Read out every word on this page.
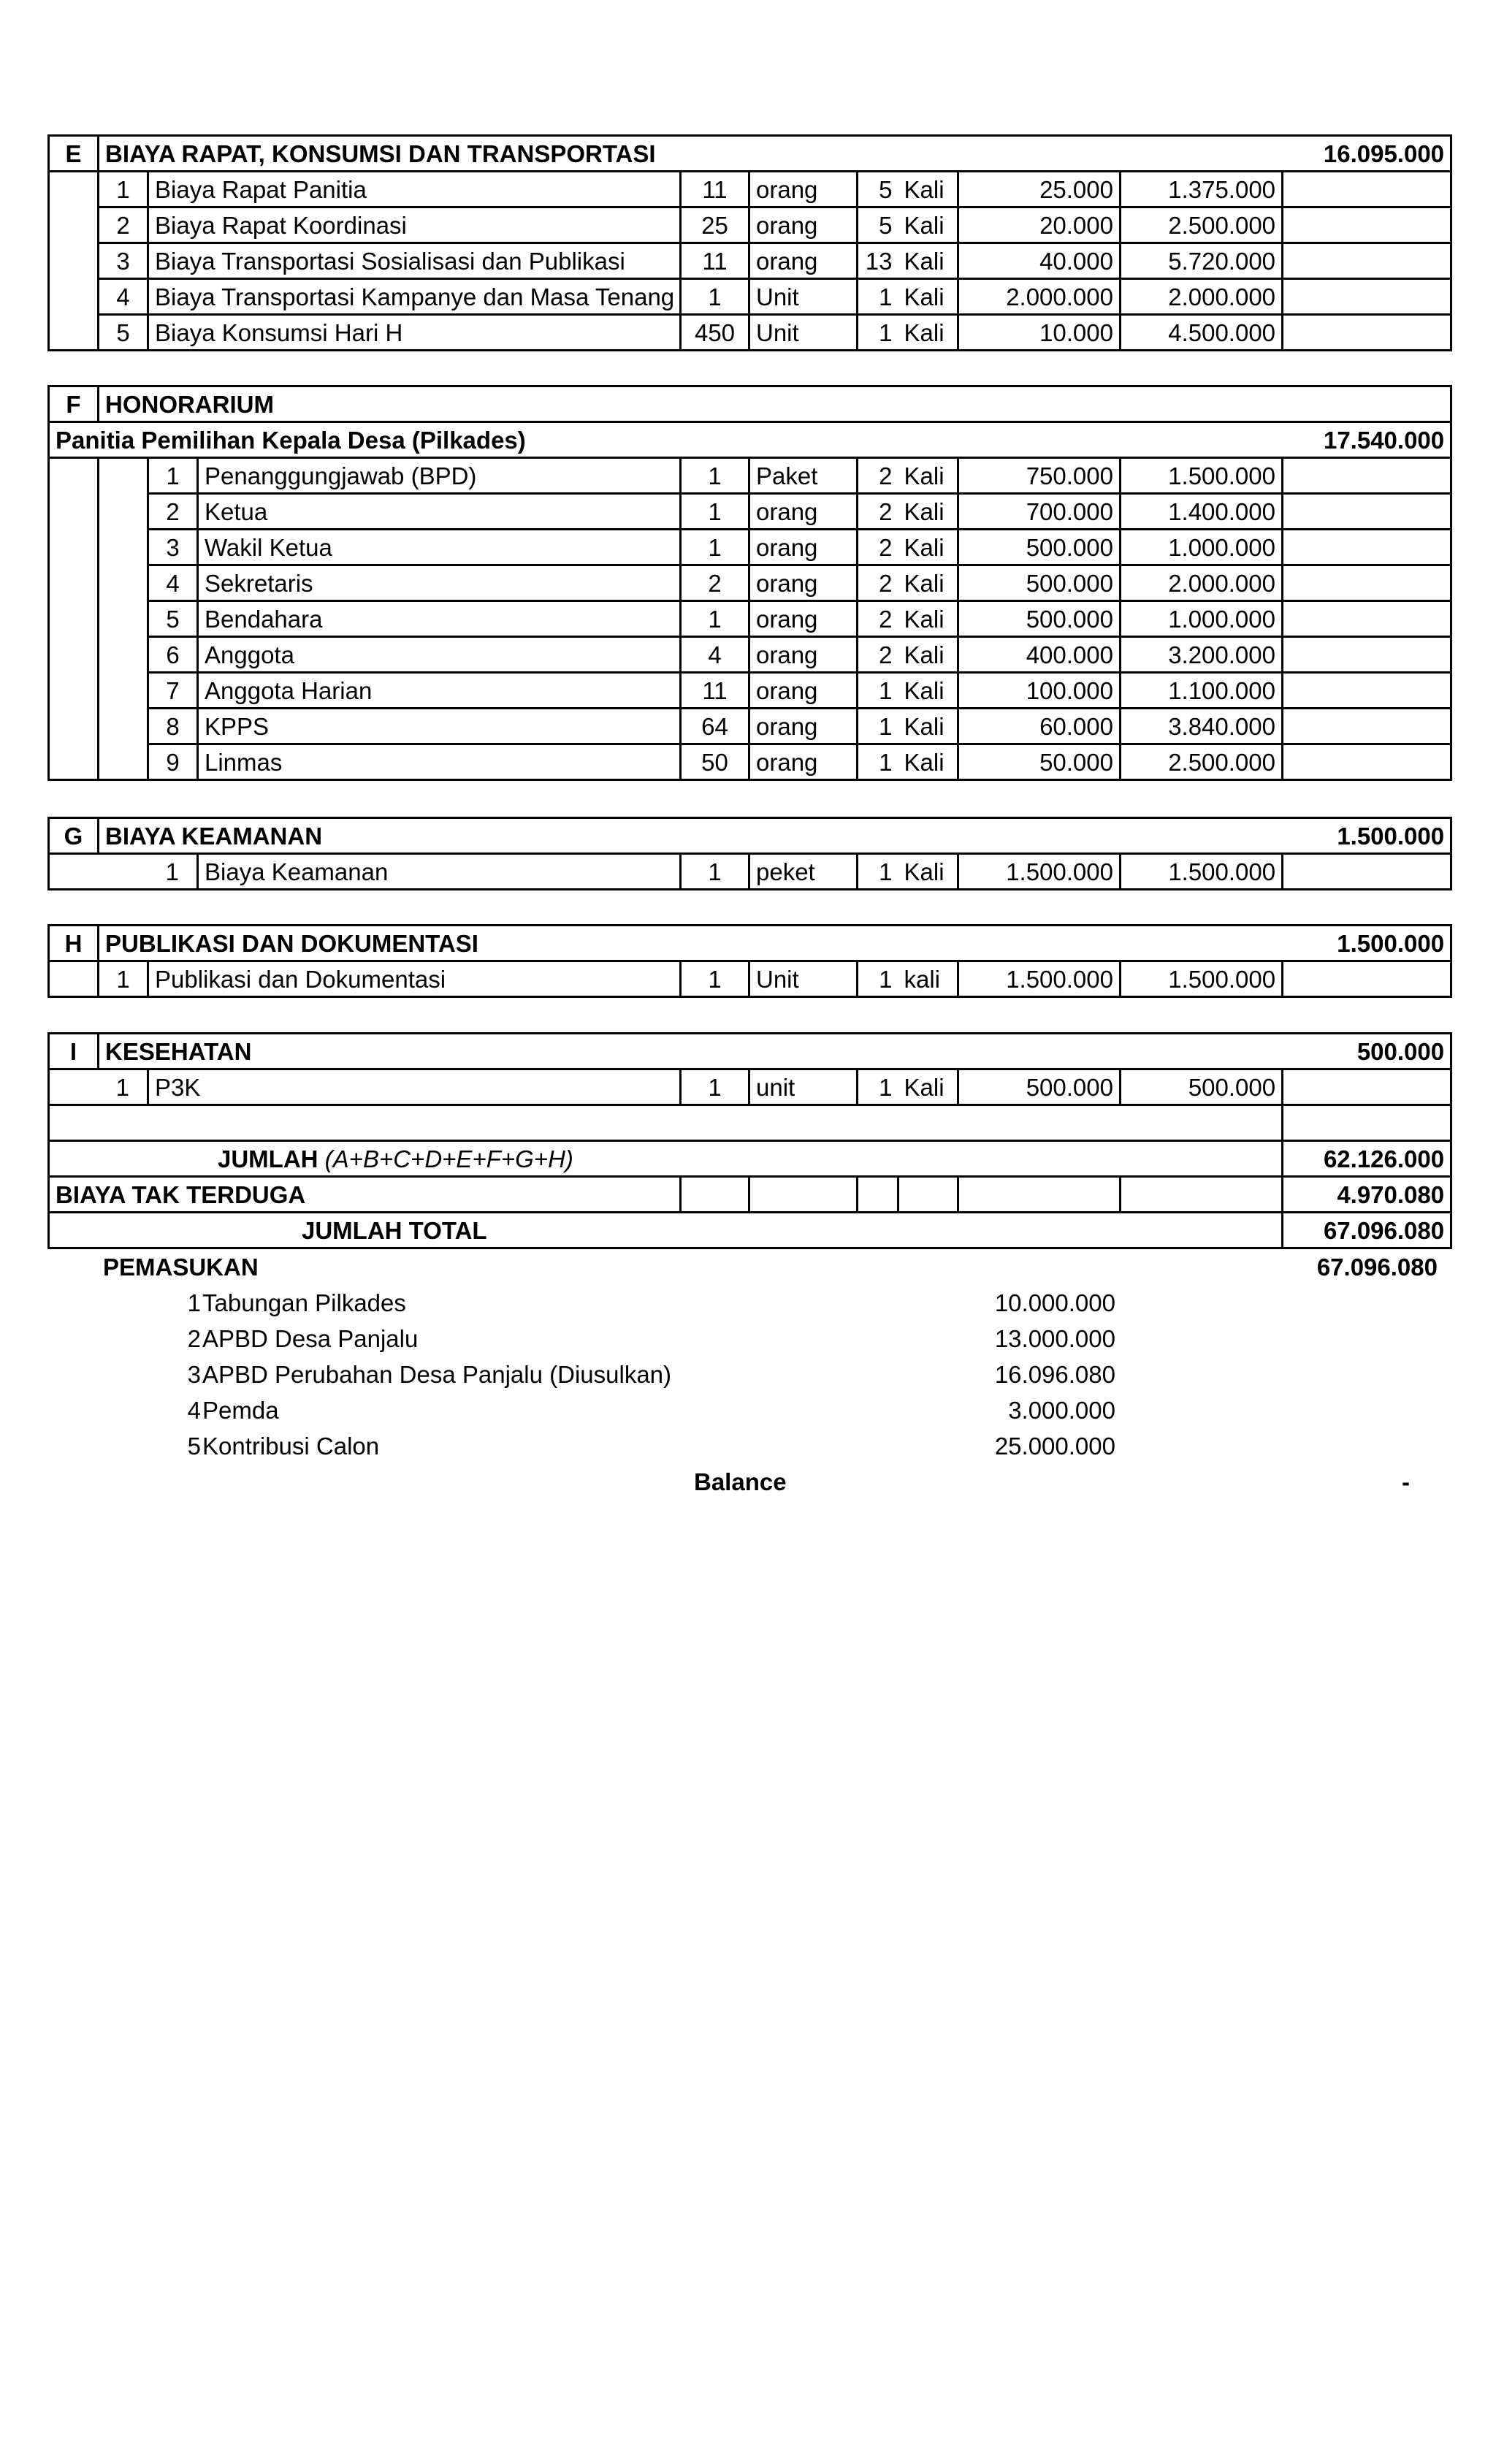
E	BIAYA RAPAT, KONSUMSI DAN TRANSPORTASI								16.095.000
	1	Biaya Rapat Panitia	11	orang	5	Kali	25.000	1.375.000	
	2	Biaya Rapat Koordinasi	25	orang	5	Kali	20.000	2.500.000	
	3	Biaya Transportasi Sosialisasi dan Publikasi	11	orang	13	Kali	40.000	5.720.000	
	4	Biaya Transportasi Kampanye dan Masa Tenang	1	Unit	1	Kali	2.000.000	2.000.000	
	5	Biaya Konsumsi Hari H	450	Unit	1	Kali	10.000	4.500.000	
F	HONORARIUM									
Panitia Pemilihan Kepala Desa (Pilkades)										17.540.000
		1	Penanggungjawab (BPD)	1	Paket	2	Kali	750.000	1.500.000	
		2	Ketua	1	orang	2	Kali	700.000	1.400.000	
		3	Wakil Ketua	1	orang	2	Kali	500.000	1.000.000	
		4	Sekretaris	2	orang	2	Kali	500.000	2.000.000	
		5	Bendahara	1	orang	2	Kali	500.000	1.000.000	
		6	Anggota	4	orang	2	Kali	400.000	3.200.000	
		7	Anggota Harian	11	orang	1	Kali	100.000	1.100.000	
		8	KPPS	64	orang	1	Kali	60.000	3.840.000	
		9	Linmas	50	orang	1	Kali	50.000	2.500.000	
G	BIAYA KEAMANAN									1.500.000
		1	Biaya Keamanan	1	peket	1	Kali	1.500.000	1.500.000	
H	PUBLIKASI DAN DOKUMENTASI								1.500.000
	1	Publikasi dan Dokumentasi	1	Unit	1	kali	1.500.000	1.500.000	
I	KESEHATAN								500.000
	1	P3K	1	unit	1	Kali	500.000	500.000	

JUMLAH (A+B+C+D+E+F+G+H)									62.126.000
BIAYA TAK TERDUGA									4.970.080
JUMLAH TOTAL									67.096.080
PEMASUKAN	67.096.080
1 Tabungan Pilkades	10.000.000
2 APBD Desa Panjalu	13.000.000
3 APBD Perubahan Desa Panjalu (Diusulkan)	16.096.080
4 Pemda	3.000.000
5 Kontribusi Calon	25.000.000
Balance	-
